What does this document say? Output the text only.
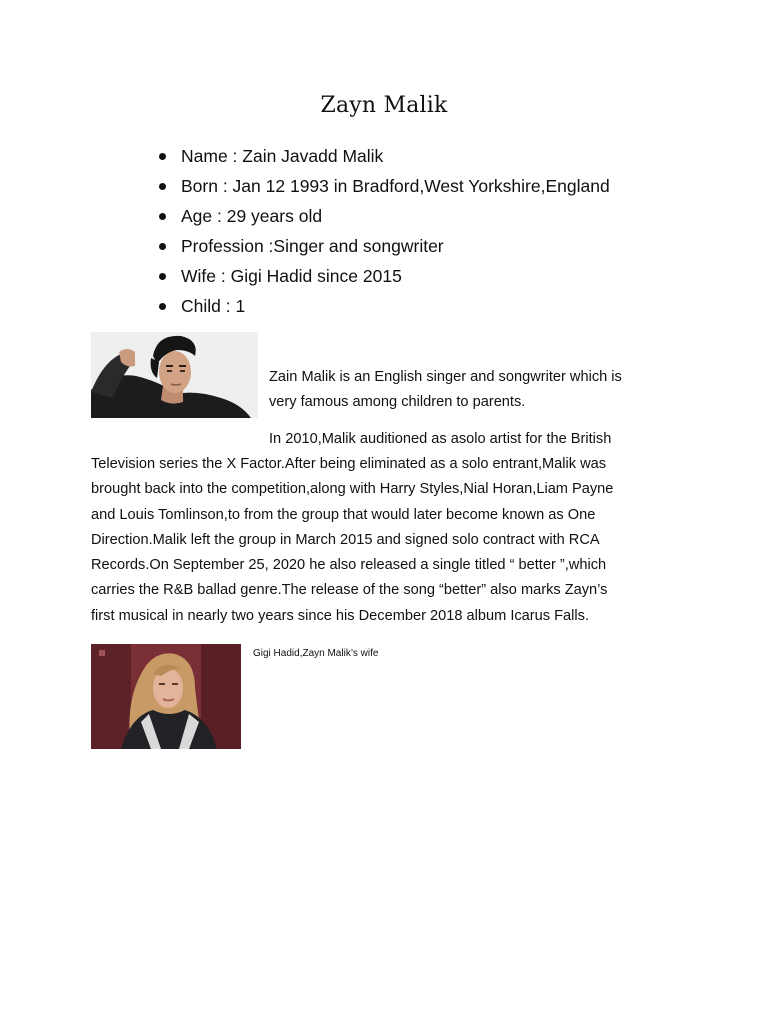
Zayn Malik
Name : Zain Javadd Malik
Born : Jan 12 1993 in Bradford,West Yorkshire,England
Age : 29 years old
Profession :Singer and songwriter
Wife : Gigi Hadid since 2015
Child : 1

Zain Malik is an English singer and songwriter which is
very famous among children to parents.

In 2010,Malik auditioned as asolo artist for the British

Television series the X Factor.After being eliminated as a solo entrant,Malik was
brought back into the competition,along with Harry Styles,Nial Horan,Liam Payne
and Louis Tomlinson,to from the group that would later become known as One
Direction.Malik left the group in March 2015 and signed solo contract with RCA
Records.On September 25, 2020 he also released a single titled “ better ”,which
carries the R&B ballad genre.The release of the song “better” also marks Zayn’s
first musical in nearly two years since his December 2018 album Icarus Falls.

Gigi Hadid,Zayn Malik’s wife
